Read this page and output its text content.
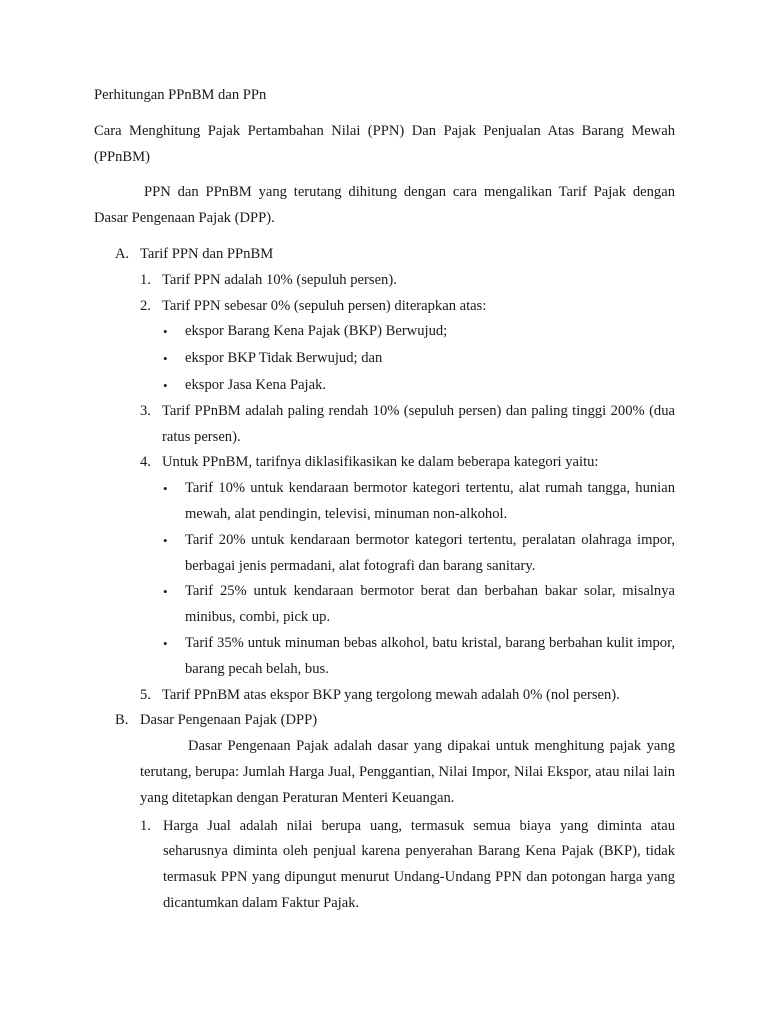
Perhitungan PPnBM dan PPn

Cara Menghitung Pajak Pertambahan Nilai (PPN) Dan Pajak Penjualan Atas Barang Mewah (PPnBM)

PPN dan PPnBM yang terutang dihitung dengan cara mengalikan Tarif Pajak dengan Dasar Pengenaan Pajak (DPP).

A. Tarif PPN dan PPnBM

1. Tarif PPN adalah 10% (sepuluh persen).
2. Tarif PPN sebesar 0% (sepuluh persen) diterapkan atas:
• ekspor Barang Kena Pajak (BKP) Berwujud;
• ekspor BKP Tidak Berwujud; dan
• ekspor Jasa Kena Pajak.
3. Tarif PPnBM adalah paling rendah 10% (sepuluh persen) dan paling tinggi 200% (dua ratus persen).
4. Untuk PPnBM, tarifnya diklasifikasikan ke dalam beberapa kategori yaitu:
• Tarif 10% untuk kendaraan bermotor kategori tertentu, alat rumah tangga, hunian mewah, alat pendingin, televisi, minuman non-alkohol.
• Tarif 20% untuk kendaraan bermotor kategori tertentu, peralatan olahraga impor, berbagai jenis permadani, alat fotografi dan barang sanitary.
• Tarif 25% untuk kendaraan bermotor berat dan berbahan bakar solar, misalnya minibus, combi, pick up.
• Tarif 35% untuk minuman bebas alkohol, batu kristal, barang berbahan kulit impor, barang pecah belah, bus.
5. Tarif PPnBM atas ekspor BKP yang tergolong mewah adalah 0% (nol persen).
B. Dasar Pengenaan Pajak (DPP)

Dasar Pengenaan Pajak adalah dasar yang dipakai untuk menghitung pajak yang terutang, berupa: Jumlah Harga Jual, Penggantian, Nilai Impor, Nilai Ekspor, atau nilai lain yang ditetapkan dengan Peraturan Menteri Keuangan.

1. Harga Jual adalah nilai berupa uang, termasuk semua biaya yang diminta atau seharusnya diminta oleh penjual karena penyerahan Barang Kena Pajak (BKP), tidak termasuk PPN yang dipungut menurut Undang-Undang PPN dan potongan harga yang dicantumkan dalam Faktur Pajak.
